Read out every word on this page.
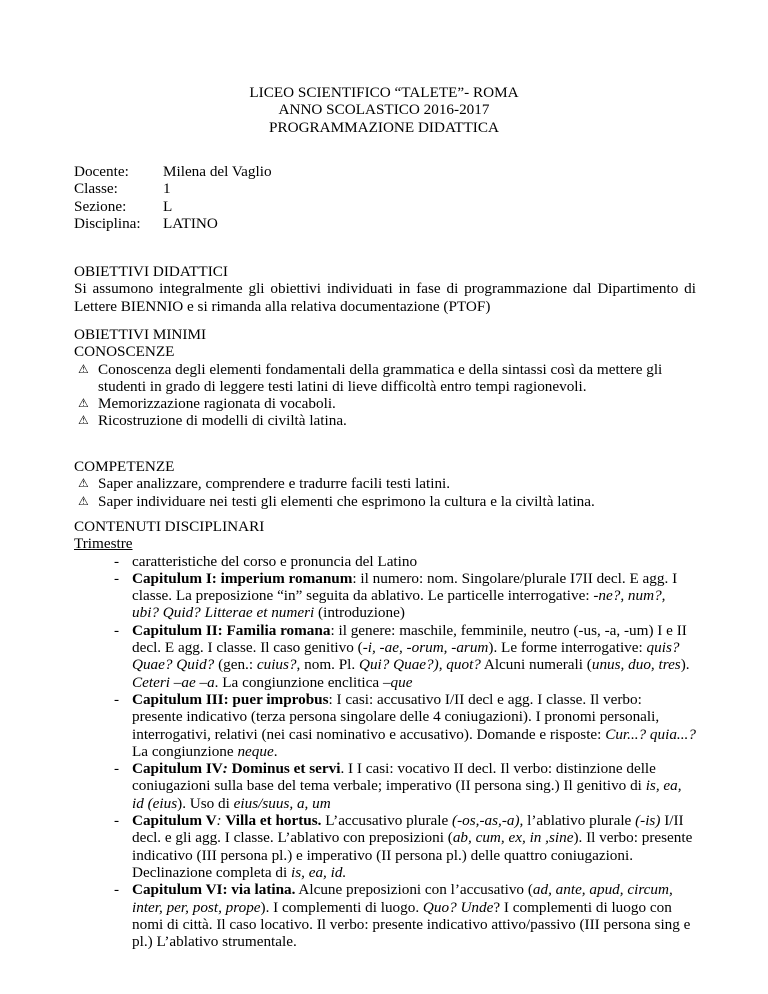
LICEO SCIENTIFICO “TALETE”- ROMA
ANNO SCOLASTICO 2016-2017
PROGRAMMAZIONE DIDATTICA
Docente:	Milena del Vaglio
Classe:	1
Sezione:	L
Disciplina:	LATINO
OBIETTIVI DIDATTICI
Si assumono integralmente gli obiettivi individuati in fase di programmazione dal Dipartimento di Lettere BIENNIO e si rimanda alla relativa documentazione (PTOF)
OBIETTIVI MINIMI
CONOSCENZE
⚠ Conoscenza degli elementi fondamentali della grammatica e della sintassi così da mettere gli studenti in grado di leggere testi latini di lieve difficoltà entro tempi ragionevoli.
⚠ Memorizzazione ragionata di vocaboli.
⚠ Ricostruzione di modelli di civiltà latina.
COMPETENZE
⚠ Saper analizzare, comprendere e tradurre facili testi latini.
⚠ Saper individuare nei testi gli elementi che esprimono la cultura e la civiltà latina.
CONTENUTI DISCIPLINARI
Trimestre
- caratteristiche del corso e pronuncia del Latino
- Capitulum I: imperium romanum: il numero: nom. Singolare/plurale I7II decl. E agg. I classe. La preposizione “in” seguita da ablativo. Le particelle interrogative: -ne?, num?, ubi? Quid? Litterae et numeri (introduzione)
- Capitulum II: Familia romana: il genere: maschile, femminile, neutro (-us, -a, -um) I e II decl. E agg. I classe. Il caso genitivo (-i, -ae, -orum, -arum). Le forme interrogative: quis? Quae? Quid? (gen.: cuius?, nom. Pl. Qui? Quae?), quot? Alcuni numerali (unus, duo, tres). Ceteri –ae –a. La congiunzione enclitica –que
- Capitulum III: puer improbus: I casi: accusativo I/II decl e agg. I classe. Il verbo: presente indicativo (terza persona singolare delle 4 coniugazioni). I pronomi personali, interrogativi, relativi (nei casi nominativo e accusativo). Domande e risposte: Cur...? quia...? La congiunzione neque.
- Capitulum IV: Dominus et servi. I I casi: vocativo II decl. Il verbo: distinzione delle coniugazioni sulla base del tema verbale; imperativo (II persona sing.) Il genitivo di is, ea, id (eius). Uso di eius/suus, a, um
- Capitulum V: Villa et hortus. L’accusativo plurale (-os,-as,-a), l’ablativo plurale (-is) I/II decl. e gli agg. I classe. L’ablativo con preposizioni (ab, cum, ex, in ,sine). Il verbo: presente indicativo (III persona pl.) e imperativo (II persona pl.) delle quattro coniugazioni. Declinazione completa di is, ea, id.
- Capitulum VI: via latina. Alcune preposizioni con l’accusativo (ad, ante, apud, circum, inter, per, post, prope). I complementi di luogo. Quo? Unde? I complementi di luogo con nomi di città. Il caso locativo. Il verbo: presente indicativo attivo/passivo (III persona sing e pl.) L’ablativo strumentale.
